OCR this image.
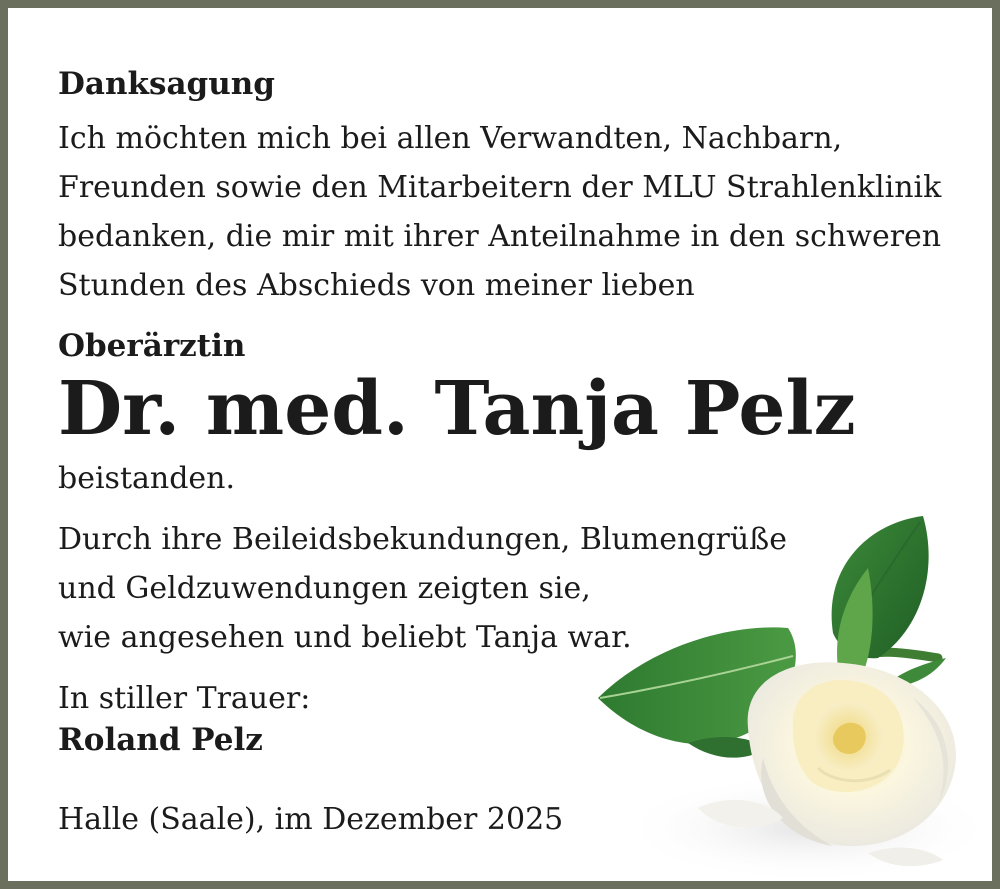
Danksagung

Ich möchten mich bei allen Verwandten, Nachbarn,
Freunden sowie den Mitarbeitern der MLU Strahlenklinik
bedanken, die mir mit ihrer Anteilnahme in den schweren
Stunden des Abschieds von meiner lieben

Oberärztin

Dr. med. Tanja Pelz

beistanden.
Durch ihre Beileidsbekundungen, Blumengrüße
und Geldzuwendungen zeigten sie,
wie angesehen und beliebt Tanja war.
In stiller Trauer:

Roland Pelz

Halle (Saale), im Dezember 2025
